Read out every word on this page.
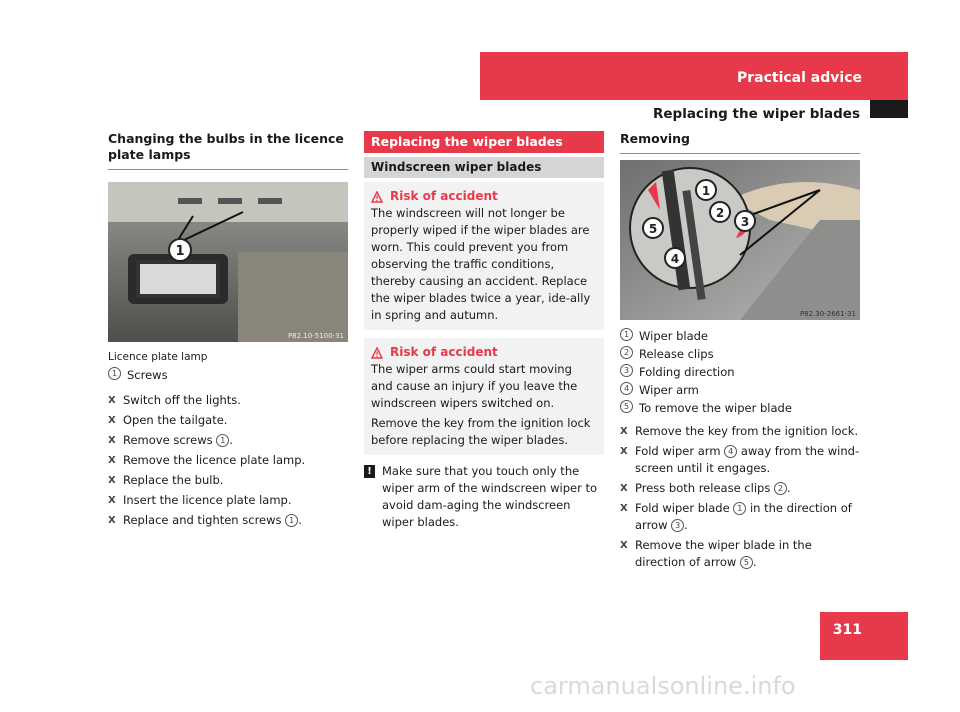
Practical advice
Replacing the wiper blades
Changing the bulbs in the licence plate lamps
1
P82.10-5100-31
Licence plate lamp
1 Screws
X Switch off the lights.
X Open the tailgate.
X Remove screws 1 .
X Remove the licence plate lamp.
X Replace the bulb.
X Insert the licence plate lamp.
X Replace and tighten screws 1 .
Replacing the wiper blades
Windscreen wiper blades
Risk of accident

The windscreen will not longer be properly wiped if the wiper blades are worn. This could prevent you from observing the traffic conditions, thereby causing an accident. Replace the wiper blades twice a year, ide-ally in spring and autumn.

Risk of accident

The wiper arms could start moving and cause an injury if you leave the windscreen wipers switched on.

Remove the key from the ignition lock before replacing the wiper blades.

! Make sure that you touch only the wiper arm of the windscreen wiper to avoid dam-aging the windscreen wiper blades.
Removing
1
2
3
4
5
P82.30-2661-31
1 Wiper blade
2 Release clips
3 Folding direction
4 Wiper arm
5 To remove the wiper blade
X Remove the key from the ignition lock.
X Fold wiper arm 4 away from the wind-screen until it engages.
X Press both release clips 2 .
X Fold wiper blade 1 in the direction of arrow 3 .
X Remove the wiper blade in the direction of arrow 5 .
311
carmanualsonline.info
